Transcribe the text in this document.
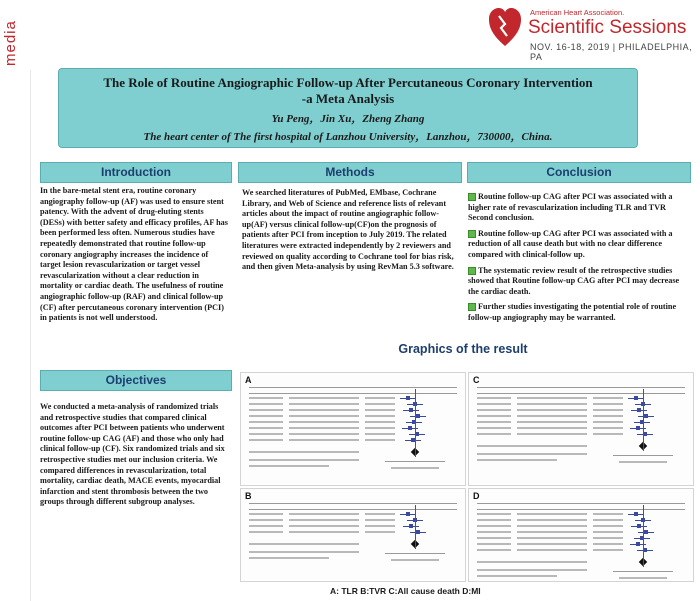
media
American Heart Association.
Scientific Sessions
NOV. 16-18, 2019 | PHILADELPHIA, PA
The Role of Routine Angiographic Follow-up After Percutaneous Coronary Intervention
-a Meta Analysis
Yu Peng，Jin Xu，Zheng Zhang
The heart center of The first hospital of Lanzhou University，Lanzhou，730000，China.
Introduction
In the bare-metal stent era, routine coronary angiography follow-up (AF) was used to ensure stent patency. With the advent of drug-eluting stents (DESs) with better safety and efficacy profiles, AF has been performed less often. Numerous studies have repeatedly demonstrated that routine follow-up coronary angiography increases the incidence of target lesion revascularization or target vessel revascularization without a clear reduction in mortality or cardiac death. The usefulness of routine angiographic follow-up (RAF) and clinical follow-up (CF) after percutaneous coronary intervention (PCI) in patients is not well understood.
Objectives
We conducted a meta-analysis of randomized trials and retrospective studies that compared clinical outcomes after PCI between patients who underwent routine follow-up CAG (AF) and those who only had clinical follow-up (CF). Six randomized trials and six retrospective studies met our inclusion criteria. We compared differences in revascularization, total mortality, cardiac death, MACE events, myocardial infarction and stent thrombosis between the two groups through different subgroup analyses.
Methods
We searched literatures of PubMed, EMbase, Cochrane Library, and Web of Science and reference lists of relevant articles about the impact of routine angiographic follow-up(AF) versus clinical follow-up(CF)on the prognosis of patients after PCI from inception to July 2019. The related literatures were extracted independently by 2 reviewers and reviewed on quality according to Cochrane tool for bias risk, and then given Meta-analysis by using RevMan 5.3 software.
Conclusion
Routine follow-up CAG after PCI was associated with a higher rate of revascularization including TLR and TVR Second conclusion.
Routine follow-up CAG after PCI was associated with a reduction of all cause death but with no clear difference compared with clinical-follow up.
The systematic review result of the retrospective studies showed that Routine follow-up CAG after PCI may decrease the cardiac death.
Further studies investigating the potential role of routine follow-up angiography may be warranted.
Graphics of the result
A	C
B	D
A: TLR B:TVR C:All cause death D:MI
